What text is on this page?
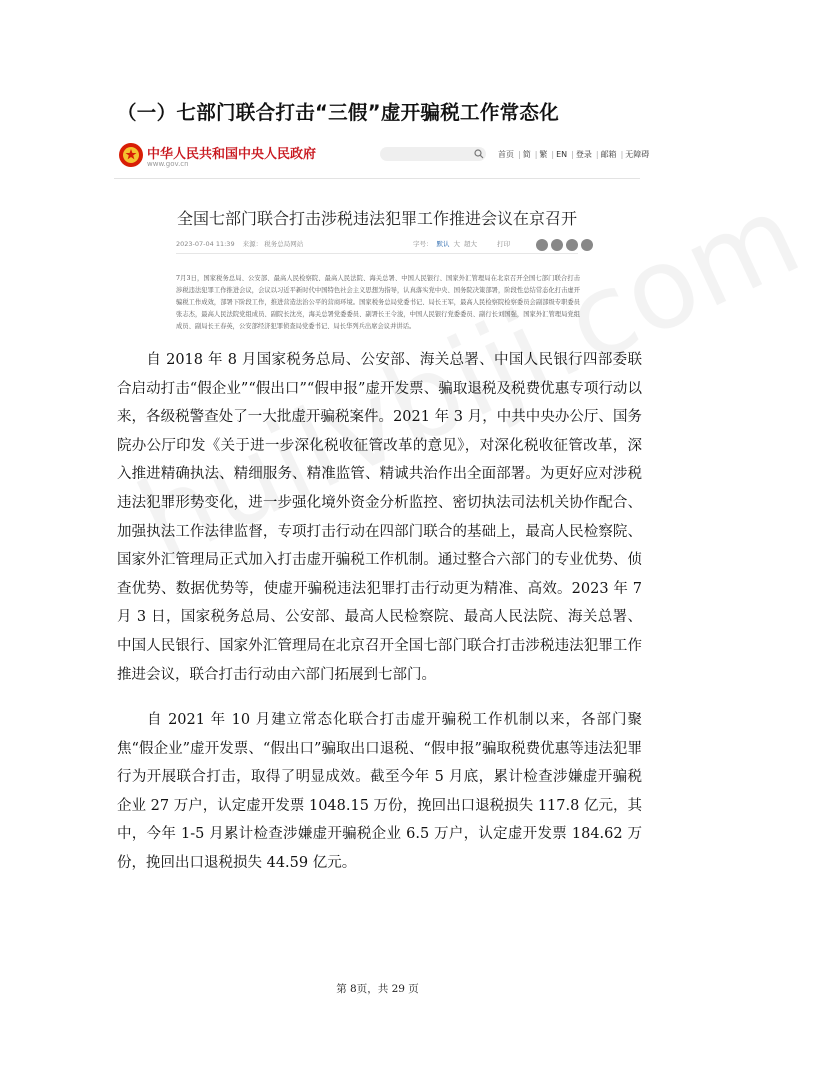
（一）七部门联合打击“三假”虚开骗税工作常态化
中华人民共和国中央人民政府
www.gov.cn
首页 | 简 | 繁 | EN | 登录 | 邮箱 | 无障碍
全国七部门联合打击涉税违法犯罪工作推进会议在京召开
2023-07-04 11:39 来源： 税务总局网站	字号： 默认 大 超大	打印
7月3日，国家税务总局、公安部、最高人民检察院、最高人民法院、海关总署、中国人民银行、国家外汇管理局在北京召开全国七部门联合打击涉税违法犯罪工作推进会议，会议以习近平新时代中国特色社会主义思想为指导，认真落实党中央、国务院决策部署，阶段性总结常态化打击虚开骗税工作成效，部署下阶段工作，推进营造法治公平的营商环境。国家税务总局党委书记、局长王军，最高人民检察院检察委员会副部级专职委员张志杰，最高人民法院党组成员、副院长沈亮，海关总署党委委员、副署长王令浚，中国人民银行党委委员、副行长刘国强，国家外汇管理局党组成员、副局长王春英，公安部经济犯罪侦查局党委书记、局长华列兵出席会议并讲话。
自 2018 年 8 月国家税务总局、公安部、海关总署、中国人民银行四部委联合启动打击“假企业”“假出口”“假申报”虚开发票、骗取退税及税费优惠专项行动以来，各级税警查处了一大批虚开骗税案件。2021 年 3 月，中共中央办公厅、国务院办公厅印发《关于进一步深化税收征管改革的意见》，对深化税收征管改革，深入推进精确执法、精细服务、精准监管、精诚共治作出全面部署。为更好应对涉税违法犯罪形势变化，进一步强化境外资金分析监控、密切执法司法机关协作配合、加强执法工作法律监督，专项打击行动在四部门联合的基础上，最高人民检察院、国家外汇管理局正式加入打击虚开骗税工作机制。通过整合六部门的专业优势、侦查优势、数据优势等，使虚开骗税违法犯罪打击行动更为精准、高效。2023 年 7 月 3 日，国家税务总局、公安部、最高人民检察院、最高人民法院、海关总署、中国人民银行、国家外汇管理局在北京召开全国七部门联合打击涉税违法犯罪工作推进会议，联合打击行动由六部门拓展到七部门。
自 2021 年 10 月建立常态化联合打击虚开骗税工作机制以来，各部门聚焦“假企业”虚开发票、“假出口”骗取出口退税、“假申报”骗取税费优惠等违法犯罪行为开展联合打击，取得了明显成效。截至今年 5 月底，累计检查涉嫌虚开骗税企业 27 万户，认定虚开发票 1048.15 万份，挽回出口退税损失 117.8 亿元，其中，今年 1-5 月累计检查涉嫌虚开骗税企业 6.5 万户，认定虚开发票 184.62 万份，挽回出口退税损失 44.59 亿元。
第 8页，共 29 页
